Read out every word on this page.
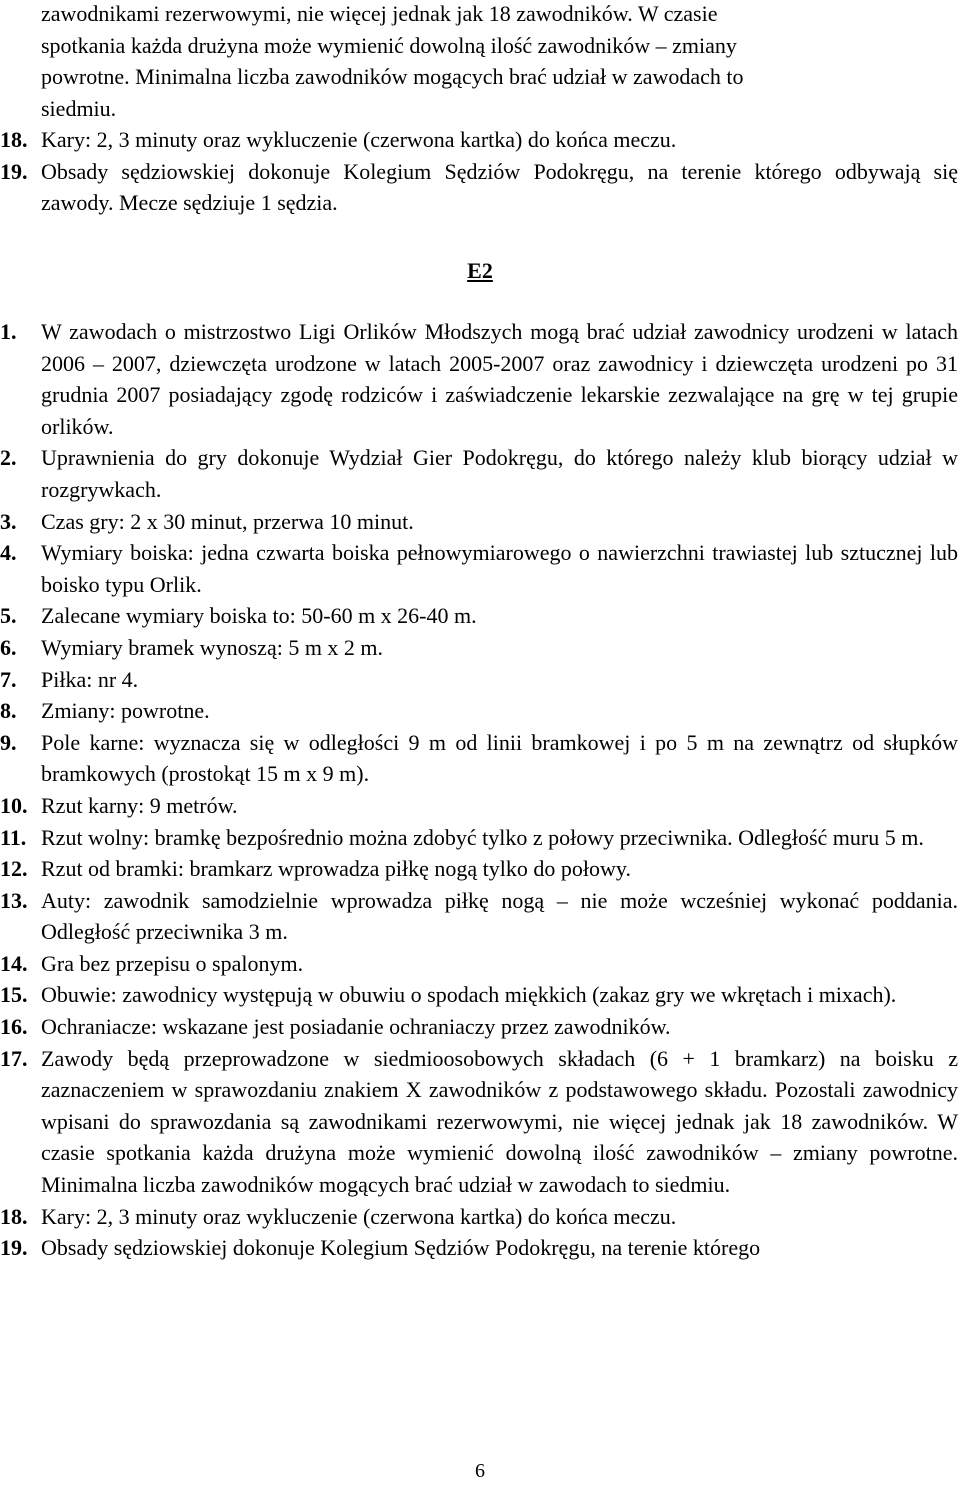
zawodnikami rezerwowymi, nie więcej jednak jak 18 zawodników. W czasie
spotkania każda drużyna może wymienić dowolną ilość zawodników – zmiany
powrotne. Minimalna liczba zawodników mogących brać udział w zawodach to
siedmiu.
18. Kary: 2, 3 minuty oraz wykluczenie (czerwona kartka) do końca meczu.
19. Obsady sędziowskiej dokonuje Kolegium Sędziów Podokręgu, na terenie którego odbywają się zawody. Mecze sędziuje 1 sędzia.
E2
1.	W zawodach o mistrzostwo Ligi Orlików Młodszych mogą brać udział zawodnicy urodzeni w latach 2006 – 2007, dziewczęta urodzone w latach 2005-2007 oraz zawodnicy i dziewczęta urodzeni po 31 grudnia 2007 posiadający zgodę rodziców i zaświadczenie lekarskie zezwalające na grę w tej grupie orlików.
2.	Uprawnienia do gry dokonuje Wydział Gier Podokręgu, do którego należy klub biorący udział w rozgrywkach.
3.	Czas gry: 2 x 30 minut, przerwa 10 minut.
4.	Wymiary boiska: jedna czwarta boiska pełnowymiarowego o nawierzchni trawiastej lub sztucznej lub boisko typu Orlik.
5.	Zalecane wymiary boiska to: 50-60 m x 26-40 m.
6.	Wymiary bramek wynoszą: 5 m x 2 m.
7.	Piłka: nr 4.
8.	Zmiany: powrotne.
9.	Pole karne: wyznacza się w odległości 9 m od linii bramkowej i po 5 m na zewnątrz od słupków bramkowych (prostokąt 15 m x 9 m).
10. Rzut karny: 9 metrów.
11. Rzut wolny: bramkę bezpośrednio można zdobyć tylko z połowy przeciwnika. Odległość muru 5 m.
12. Rzut od bramki: bramkarz wprowadza piłkę nogą tylko do połowy.
13. Auty: zawodnik samodzielnie wprowadza piłkę nogą – nie może wcześniej wykonać poddania. Odległość przeciwnika 3 m.
14. Gra bez przepisu o spalonym.
15. Obuwie: zawodnicy występują w obuwiu o spodach miękkich (zakaz gry we wkrętach i mixach).
16. Ochraniacze: wskazane jest posiadanie ochraniaczy przez zawodników.
17. Zawody będą przeprowadzone w siedmioosobowych składach (6 + 1 bramkarz) na boisku z zaznaczeniem w sprawozdaniu znakiem X zawodników z podstawowego składu. Pozostali zawodnicy wpisani do sprawozdania są zawodnikami rezerwowymi, nie więcej jednak jak 18 zawodników. W czasie spotkania każda drużyna może wymienić dowolną ilość zawodników – zmiany powrotne. Minimalna liczba zawodników mogących brać udział w zawodach to siedmiu.
18. Kary: 2, 3 minuty oraz wykluczenie (czerwona kartka) do końca meczu.
19. Obsady sędziowskiej dokonuje Kolegium Sędziów Podokręgu, na terenie którego
6
